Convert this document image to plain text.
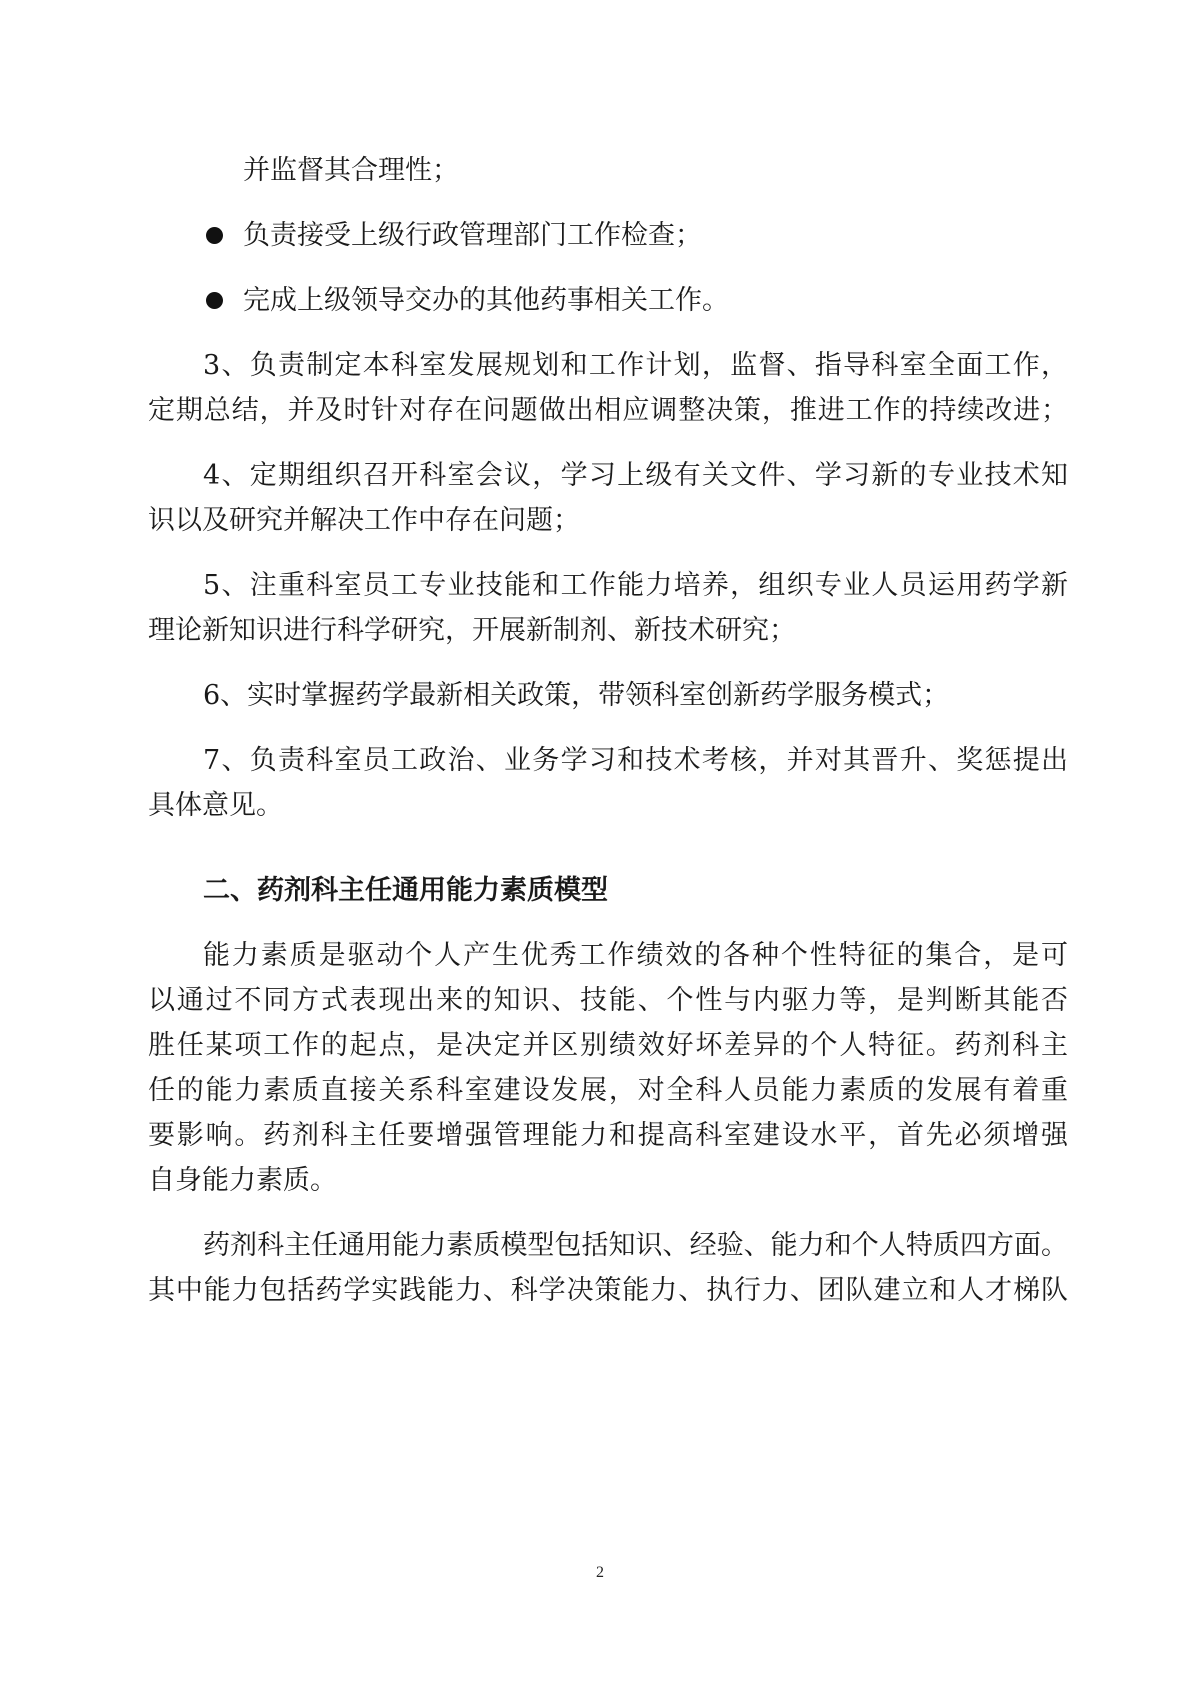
并监督其合理性；

负责接受上级行政管理部门工作检查；
完成上级领导交办的其他药事相关工作。

3、负责制定本科室发展规划和工作计划，监督、指导科室全面工作，

定期总结，并及时针对存在问题做出相应调整决策，推进工作的持续改进；

4、定期组织召开科室会议，学习上级有关文件、学习新的专业技术知

识以及研究并解决工作中存在问题；

5、注重科室员工专业技能和工作能力培养，组织专业人员运用药学新

理论新知识进行科学研究，开展新制剂、新技术研究；

6、实时掌握药学最新相关政策，带领科室创新药学服务模式；

7、负责科室员工政治、业务学习和技术考核，并对其晋升、奖惩提出

具体意见。

二、药剂科主任通用能力素质模型

能力素质是驱动个人产生优秀工作绩效的各种个性特征的集合，是可

以通过不同方式表现出来的知识、技能、个性与内驱力等，是判断其能否

胜任某项工作的起点，是决定并区别绩效好坏差异的个人特征。药剂科主

任的能力素质直接关系科室建设发展，对全科人员能力素质的发展有着重

要影响。药剂科主任要增强管理能力和提高科室建设水平，首先必须增强

自身能力素质。

药剂科主任通用能力素质模型包括知识、经验、能力和个人特质四方面。

其中能力包括药学实践能力、科学决策能力、执行力、团队建立和人才梯队

2
